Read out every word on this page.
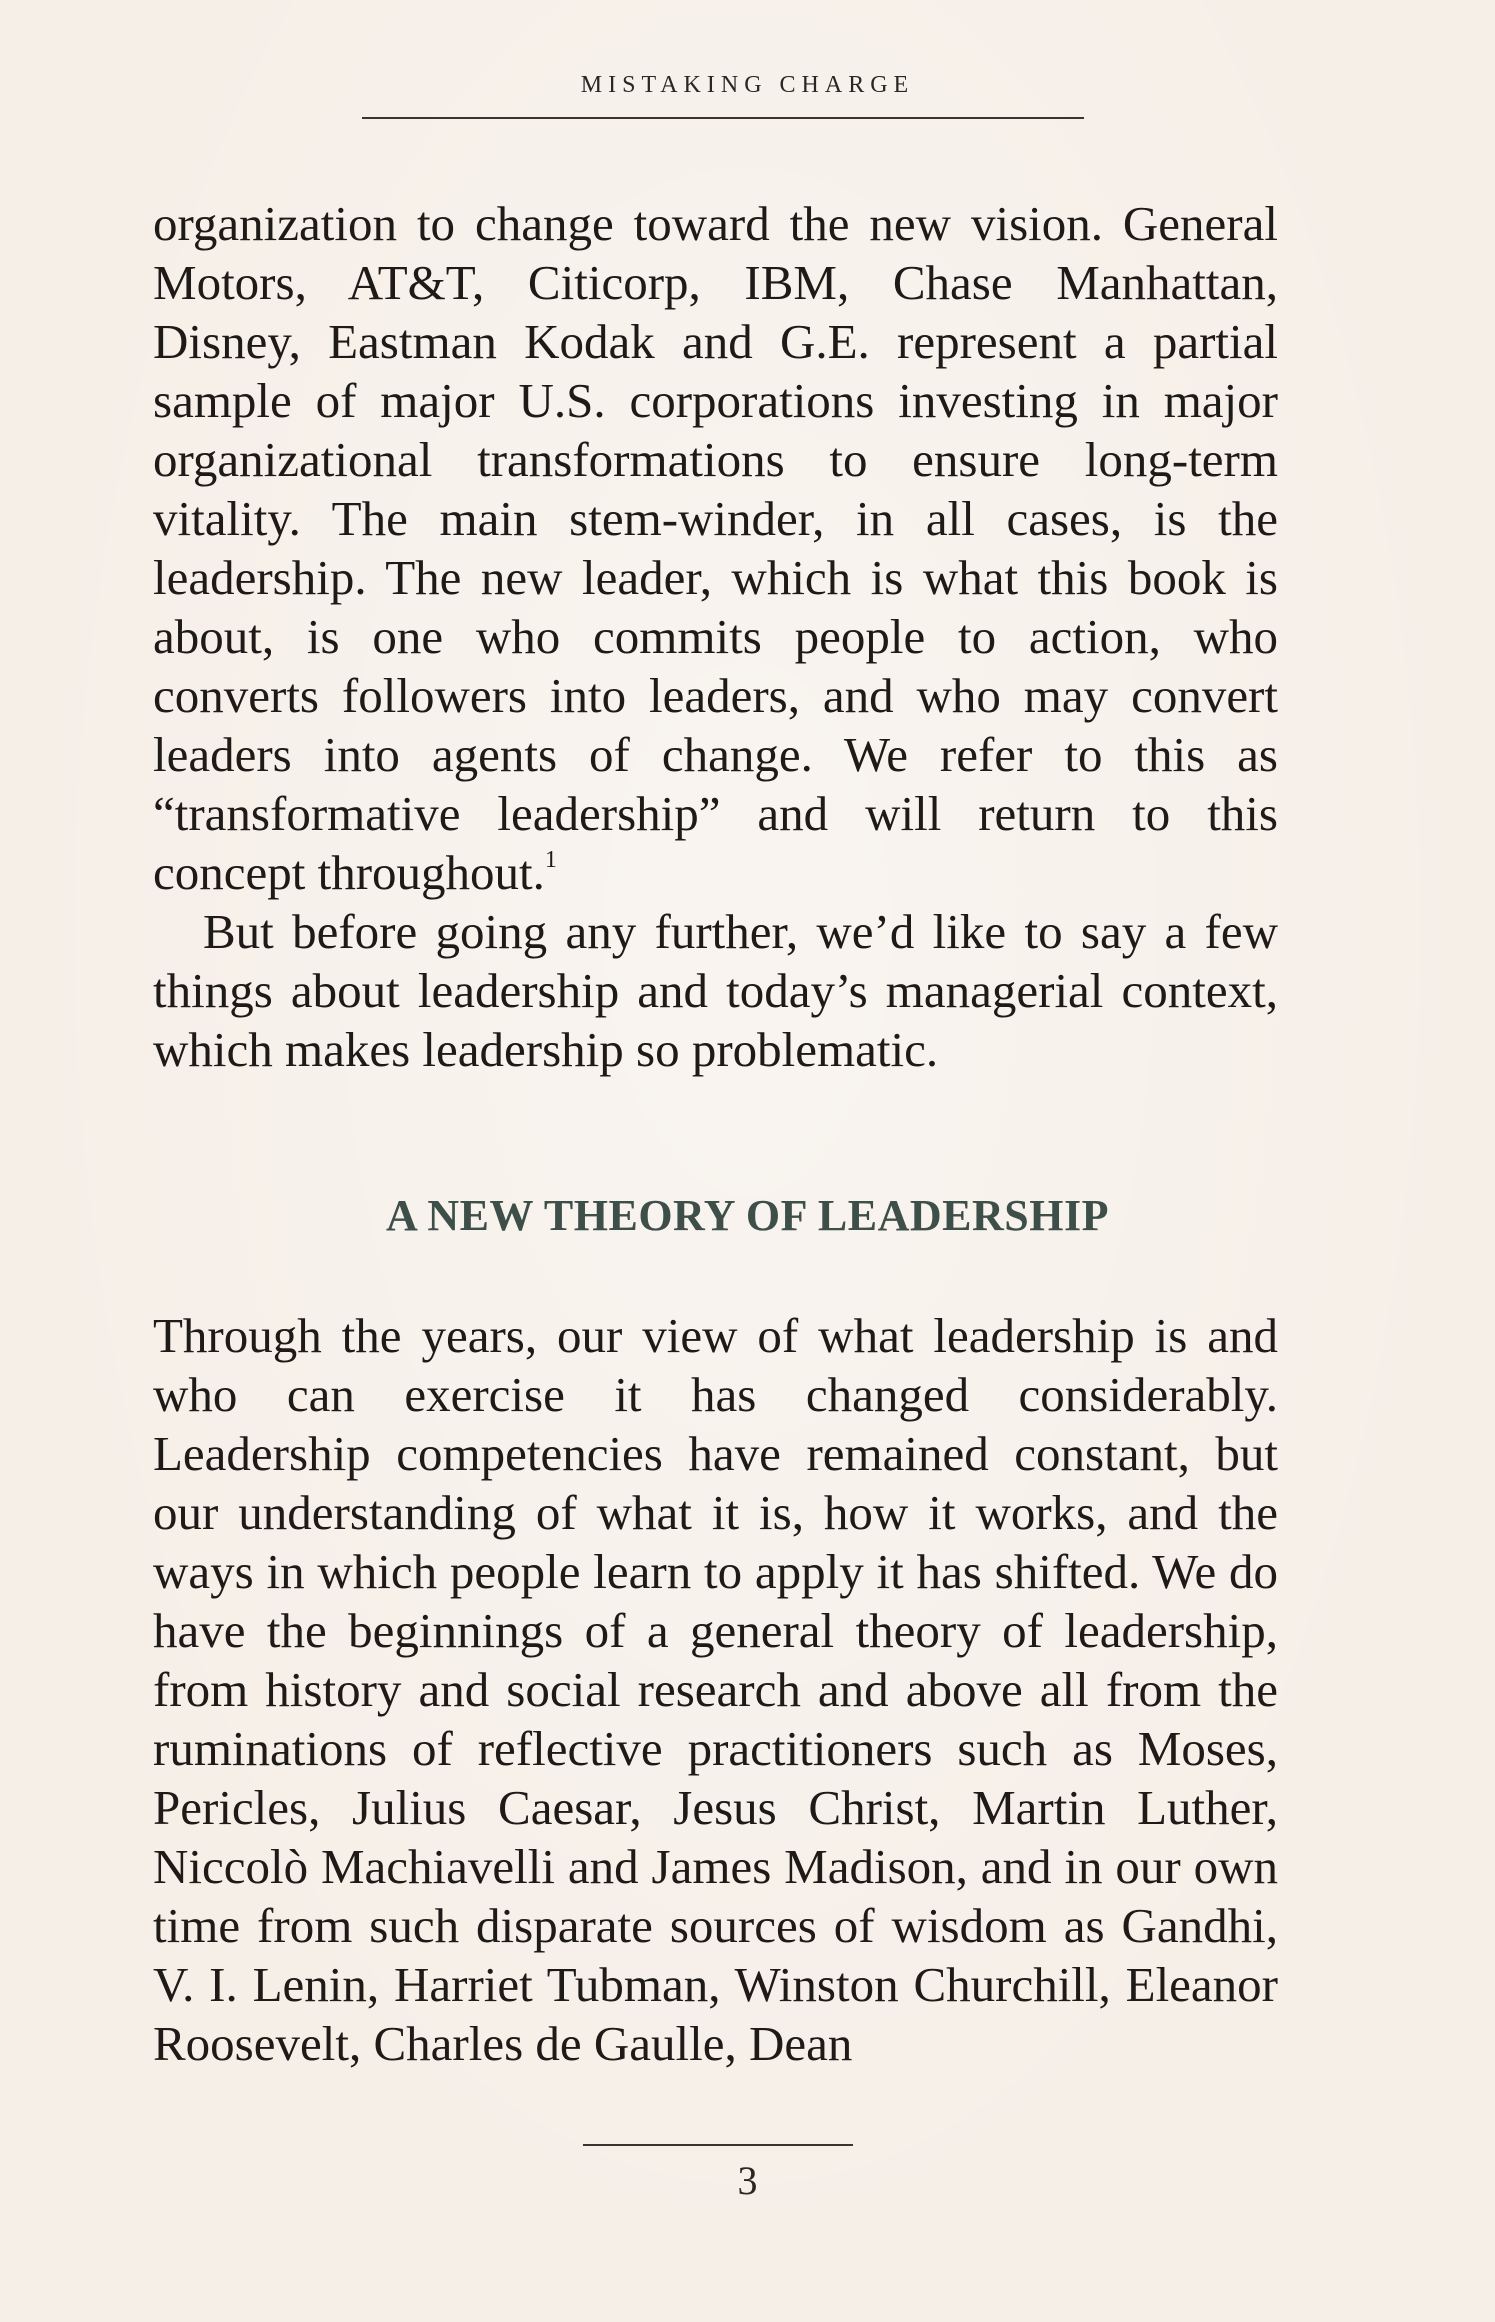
MISTAKING CHARGE

organization to change toward the new vision. General Motors, AT&T, Citicorp, IBM, Chase Manhattan, Disney, Eastman Kodak and G.E. represent a partial sample of major U.S. corporations investing in major organizational transformations to ensure long-term vitality. The main stem-winder, in all cases, is the leadership. The new leader, which is what this book is about, is one who commits people to action, who converts followers into leaders, and who may convert leaders into agents of change. We refer to this as “transformative leadership” and will return to this concept throughout.$^1$

But before going any further, we’d like to say a few things about leadership and today’s managerial context, which makes leadership so problematic.

A NEW THEORY OF LEADERSHIP

Through the years, our view of what leadership is and who can exercise it has changed considerably. Leadership competencies have remained constant, but our understanding of what it is, how it works, and the ways in which people learn to apply it has shifted. We do have the beginnings of a general theory of leadership, from history and social research and above all from the ruminations of reflective practitioners such as Moses, Pericles, Julius Caesar, Jesus Christ, Martin Luther, Niccolò Machiavelli and James Madison, and in our own time from such disparate sources of wisdom as Gandhi, V. I. Lenin, Harriet Tubman, Winston Churchill, Eleanor Roosevelt, Charles de Gaulle, Dean

3
